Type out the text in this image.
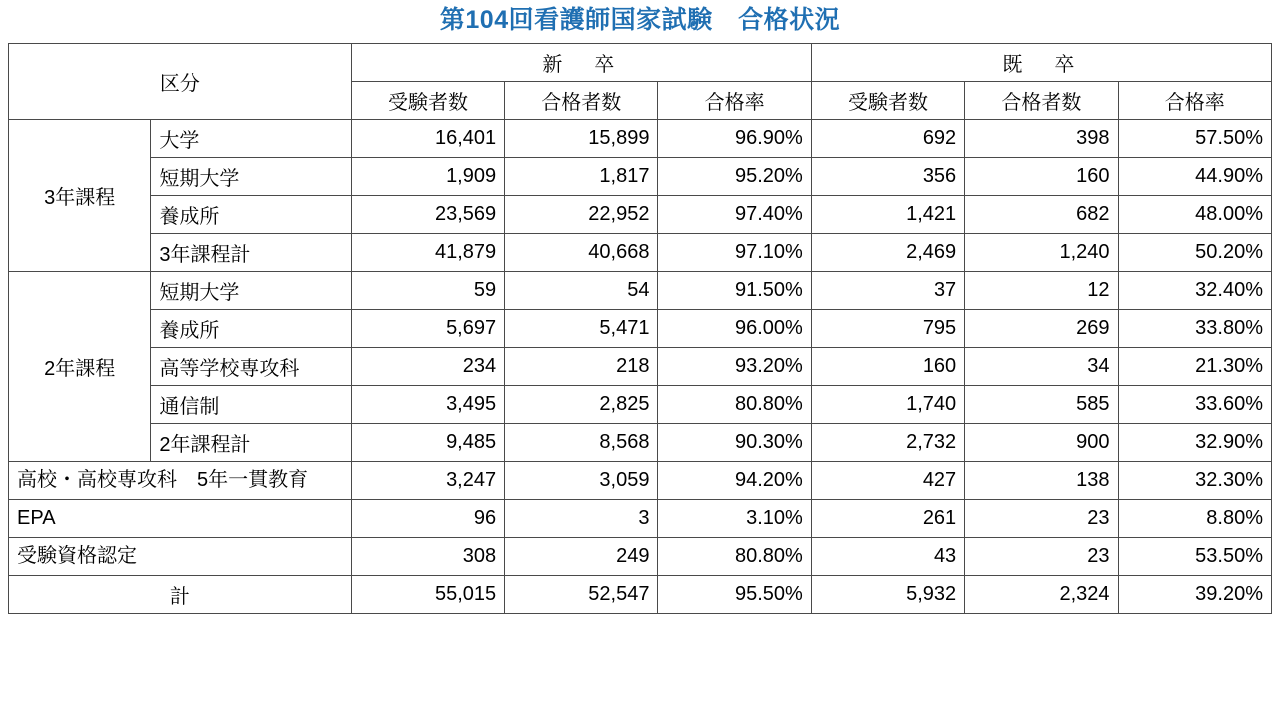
第104回看護師国家試験　合格状況
区分		新　卒			既　卒		
		受験者数	合格者数	合格率	受験者数	合格者数	合格率
3年課程	大学	16,401	15,899	96.90%	692	398	57.50%
	短期大学	1,909	1,817	95.20%	356	160	44.90%
	養成所	23,569	22,952	97.40%	1,421	682	48.00%
	3年課程計	41,879	40,668	97.10%	2,469	1,240	50.20%
2年課程	短期大学	59	54	91.50%	37	12	32.40%
	養成所	5,697	5,471	96.00%	795	269	33.80%
	高等学校専攻科	234	218	93.20%	160	34	21.30%
	通信制	3,495	2,825	80.80%	1,740	585	33.60%
	2年課程計	9,485	8,568	90.30%	2,732	900	32.90%
高校・高校専攻科　5年一貫教育		3,247	3,059	94.20%	427	138	32.30%
EPA		96	3	3.10%	261	23	8.80%
受験資格認定		308	249	80.80%	43	23	53.50%
計		55,015	52,547	95.50%	5,932	2,324	39.20%
